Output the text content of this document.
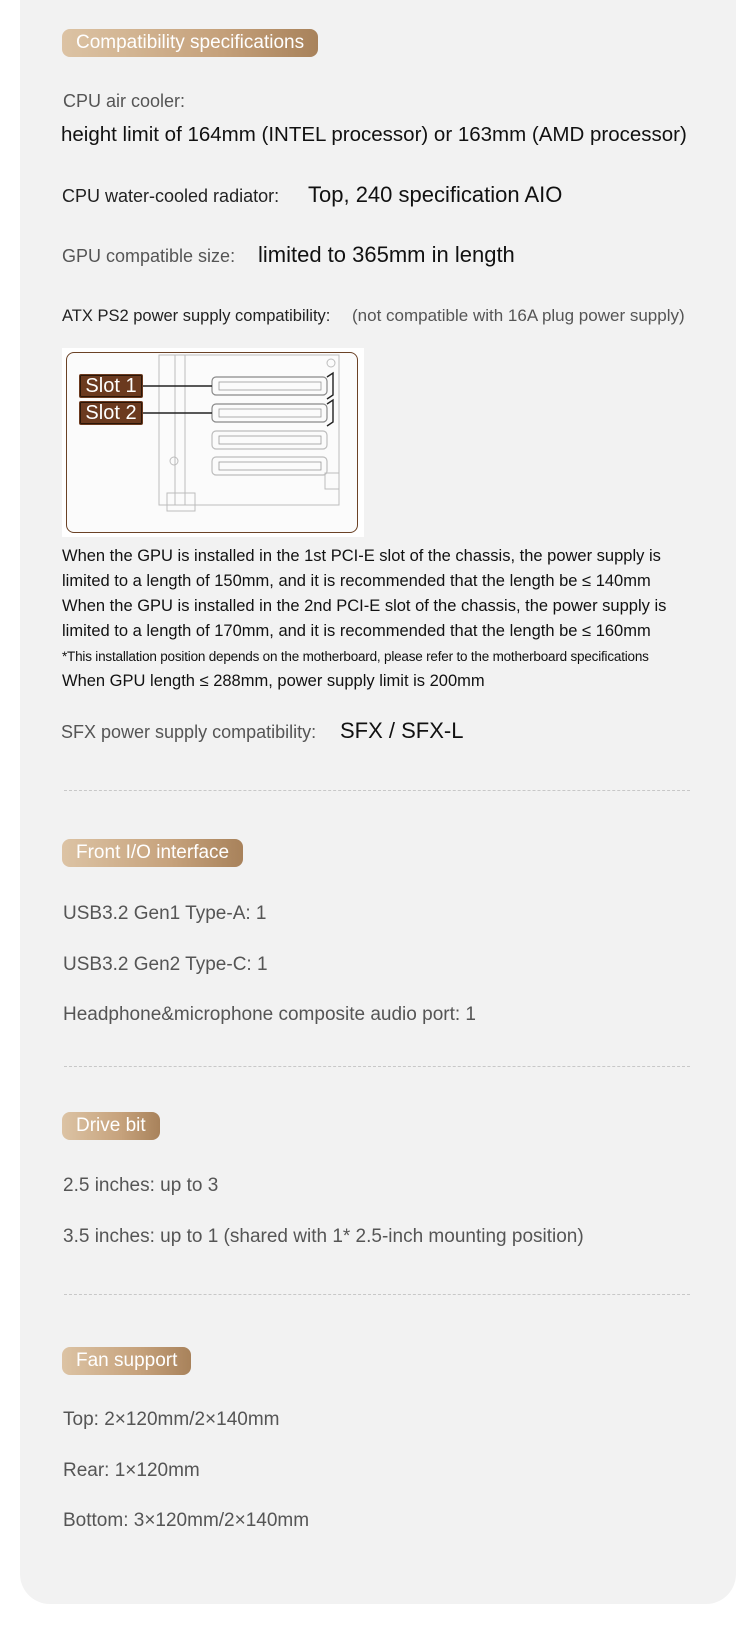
Compatibility specifications
CPU air cooler:
height limit of 164mm (INTEL processor) or 163mm (AMD processor)
CPU water-cooled radiator: Top, 240 specification AIO
GPU compatible size: limited to 365mm in length
ATX PS2 power supply compatibility: (not compatible with 16A plug power supply)
Slot 1
Slot 2
When the GPU is installed in the 1st PCI-E slot of the chassis, the power supply is
limited to a length of 150mm, and it is recommended that the length be ≤ 140mm
When the GPU is installed in the 2nd PCI-E slot of the chassis, the power supply is
limited to a length of 170mm, and it is recommended that the length be ≤ 160mm
*This installation position depends on the motherboard, please refer to the motherboard specifications
When GPU length ≤ 288mm, power supply limit is 200mm
SFX power supply compatibility: SFX / SFX-L
Front I/O interface
USB3.2 Gen1 Type-A: 1
USB3.2 Gen2 Type-C: 1
Headphone&microphone composite audio port: 1
Drive bit
2.5 inches: up to 3
3.5 inches: up to 1 (shared with 1* 2.5-inch mounting position)
Fan support
Top: 2×120mm/2×140mm
Rear: 1×120mm
Bottom: 3×120mm/2×140mm
